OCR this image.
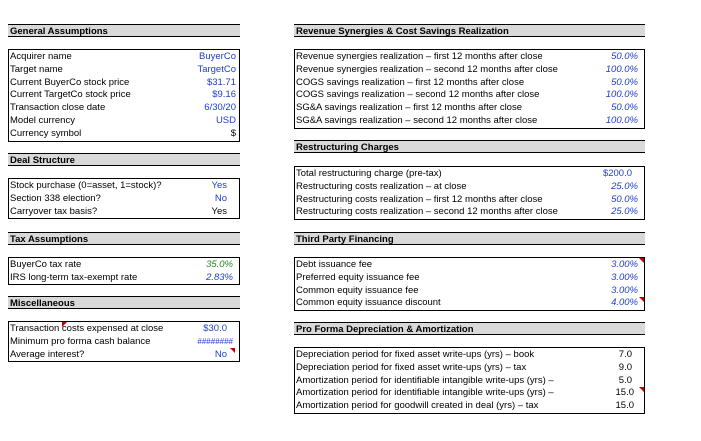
General Assumptions
Acquirer name	BuyerCo
Target name	TargetCo
Current BuyerCo stock price	$31.71
Current TargetCo stock price	$9.16
Transaction close date	6/30/20
Model currency	USD
Currency symbol	$
Deal Structure
Stock purchase (0=asset, 1=stock)?	Yes
Section 338 election?	No
Carryover tax basis?	Yes
Tax Assumptions
BuyerCo tax rate	35.0%
IRS long-term tax-exempt rate	2.83%
Miscellaneous
Transaction costs expensed at close	$30.0
Minimum pro forma cash balance	########
Average interest?	No
Revenue Synergies & Cost Savings Realization
Revenue synergies realization – first 12 months after close	50.0%
Revenue synergies realization – second 12 months after close	100.0%
COGS savings realization – first 12 months after close	50.0%
COGS savings realization – second 12 months after close	100.0%
SG&A savings realization – first 12 months after close	50.0%
SG&A savings realization – second 12 months after close	100.0%
Restructuring Charges
Total restructuring charge (pre-tax)	$200.0
Restructuring costs realization – at close	25.0%
Restructuring costs realization – first 12 months after close	50.0%
Restructuring costs realization – second 12 months after close	25.0%
Third Party Financing
Debt issuance fee	3.00%
Preferred equity issuance fee	3.00%
Common equity issuance fee	3.00%
Common equity issuance discount	4.00%
Pro Forma Depreciation & Amortization
Depreciation period for fixed asset write-ups (yrs) – book	7.0
Depreciation period for fixed asset write-ups (yrs) – tax	9.0
Amortization period for identifiable intangible write-ups (yrs) –	5.0
Amortization period for identifiable intangible write-ups (yrs) –	15.0
Amortization period for goodwill created in deal (yrs) – tax	15.0
